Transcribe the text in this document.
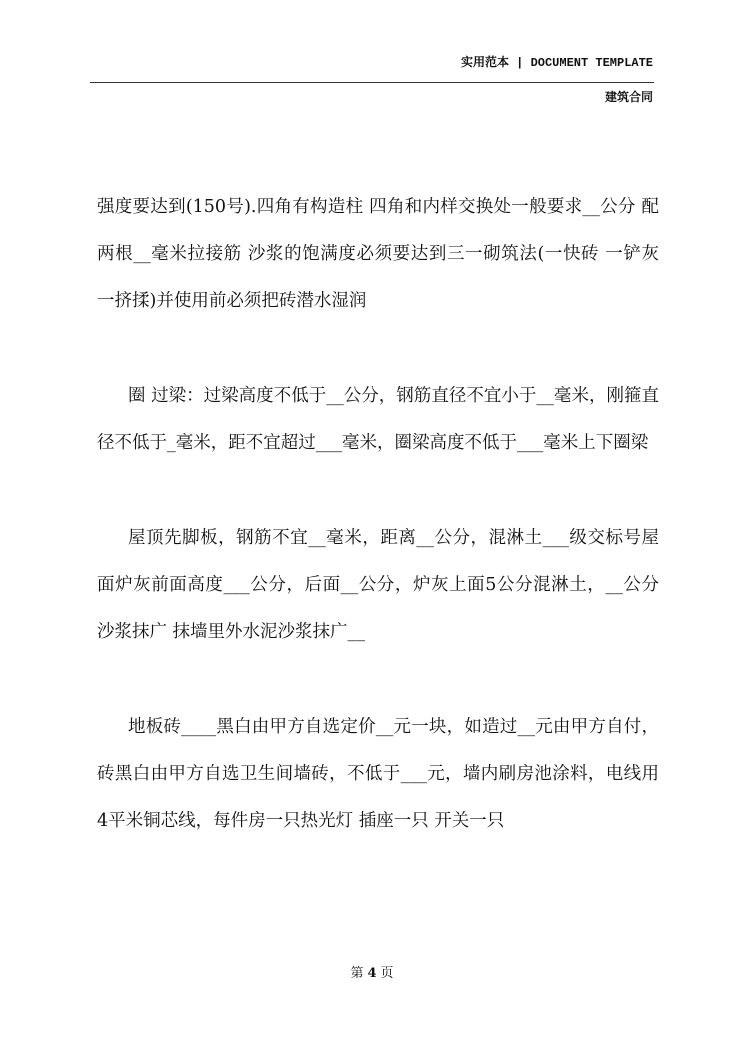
实用范本 | DOCUMENT TEMPLATE
建筑合同

强度要达到(150号).四角有构造柱 四角和内样交换处一般要求__公分 配两根__毫米拉接筋 沙浆的饱满度必须要达到三一砌筑法(一快砖 一铲灰 一挤揉)并使用前必须把砖潜水湿润

圈 过梁：过梁高度不低于__公分，钢筋直径不宜小于__毫米，刚箍直径不低于_毫米，距不宜超过___毫米，圈梁高度不低于___毫米上下圈梁

屋顶先脚板，钢筋不宜__毫米，距离__公分，混淋土___级交标号屋面炉灰前面高度___公分，后面__公分，炉灰上面5公分混淋土，__公分沙浆抹广 抹墙里外水泥沙浆抹广__

地板砖____黑白由甲方自选定价__元一块，如造过__元由甲方自付，砖黑白由甲方自选卫生间墙砖，不低于___元，墙内刷房池涂料，电线用4平米铜芯线，每件房一只热光灯 插座一只 开关一只

第 4 页
